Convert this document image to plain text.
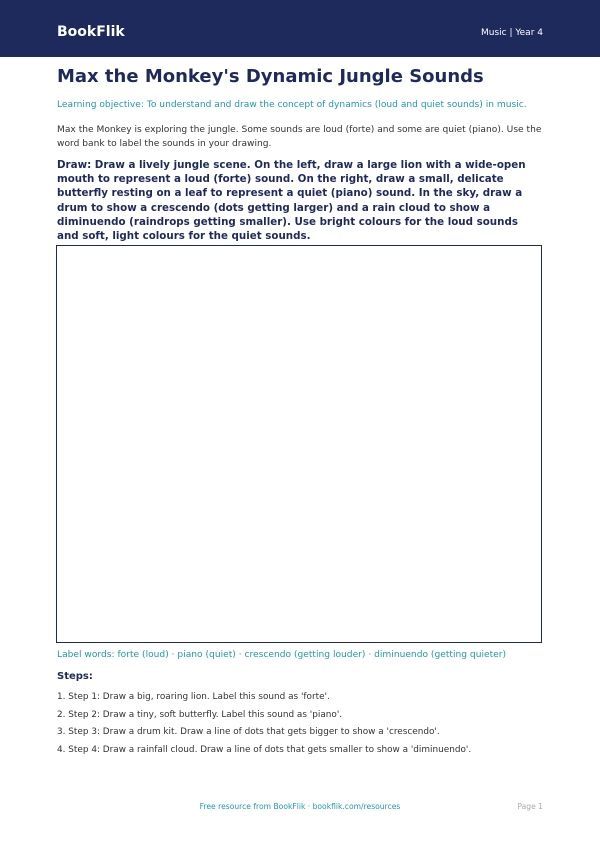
BookFlik	Music | Year 4
Max the Monkey's Dynamic Jungle Sounds
Learning objective: To understand and draw the concept of dynamics (loud and quiet sounds) in music.
Max the Monkey is exploring the jungle. Some sounds are loud (forte) and some are quiet (piano). Use the word bank to label the sounds in your drawing.
Draw: Draw a lively jungle scene. On the left, draw a large lion with a wide-open mouth to represent a loud (forte) sound. On the right, draw a small, delicate butterfly resting on a leaf to represent a quiet (piano) sound. In the sky, draw a drum to show a crescendo (dots getting larger) and a rain cloud to show a diminuendo (raindrops getting smaller). Use bright colours for the loud sounds and soft, light colours for the quiet sounds.
Label words: forte (loud) · piano (quiet) · crescendo (getting louder) · diminuendo (getting quieter)
Steps:
1. Step 1: Draw a big, roaring lion. Label this sound as 'forte'.
2. Step 2: Draw a tiny, soft butterfly. Label this sound as 'piano'.
3. Step 3: Draw a drum kit. Draw a line of dots that gets bigger to show a 'crescendo'.
4. Step 4: Draw a rainfall cloud. Draw a line of dots that gets smaller to show a 'diminuendo'.
Free resource from BookFlik · bookflik.com/resources	Page 1
